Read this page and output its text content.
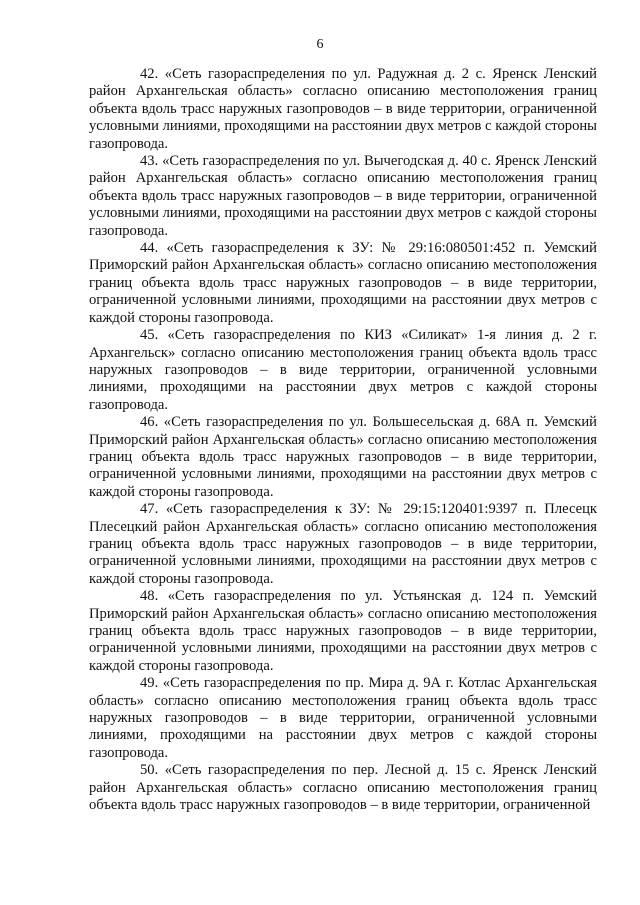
6

42. «Сеть газораспределения по ул. Радужная д. 2 с. Яренск Ленский район Архангельская область» согласно описанию местоположения границ объекта вдоль трасс наружных газопроводов – в виде территории, ограниченной условными линиями, проходящими на расстоянии двух метров с каждой стороны газопровода.

43. «Сеть газораспределения по ул. Вычегодская д. 40 с. Яренск Ленский район Архангельская область» согласно описанию местоположения границ объекта вдоль трасс наружных газопроводов – в виде территории, ограниченной условными линиями, проходящими на расстоянии двух метров с каждой стороны газопровода.

44. «Сеть газораспределения к ЗУ: № 29:16:080501:452 п. Уемский Приморский район Архангельская область» согласно описанию местоположения границ объекта вдоль трасс наружных газопроводов – в виде территории, ограниченной условными линиями, проходящими на расстоянии двух метров с каждой стороны газопровода.

45. «Сеть газораспределения по КИЗ «Силикат» 1-я линия д. 2 г. Архангельск» согласно описанию местоположения границ объекта вдоль трасс наружных газопроводов – в виде территории, ограниченной условными линиями, проходящими на расстоянии двух метров с каждой стороны газопровода.

46. «Сеть газораспределения по ул. Большесельская д. 68А п. Уемский Приморский район Архангельская область» согласно описанию местоположения границ объекта вдоль трасс наружных газопроводов – в виде территории, ограниченной условными линиями, проходящими на расстоянии двух метров с каждой стороны газопровода.

47. «Сеть газораспределения к ЗУ: № 29:15:120401:9397 п. Плесецк Плесецкий район Архангельская область» согласно описанию местоположения границ объекта вдоль трасс наружных газопроводов – в виде территории, ограниченной условными линиями, проходящими на расстоянии двух метров с каждой стороны газопровода.

48. «Сеть газораспределения по ул. Устьянская д. 124 п. Уемский Приморский район Архангельская область» согласно описанию местоположения границ объекта вдоль трасс наружных газопроводов – в виде территории, ограниченной условными линиями, проходящими на расстоянии двух метров с каждой стороны газопровода.

49. «Сеть газораспределения по пр. Мира д. 9А г. Котлас Архангельская область» согласно описанию местоположения границ объекта вдоль трасс наружных газопроводов – в виде территории, ограниченной условными линиями, проходящими на расстоянии двух метров с каждой стороны газопровода.

50. «Сеть газораспределения по пер. Лесной д. 15 с. Яренск Ленский район Архангельская область» согласно описанию местоположения границ объекта вдоль трасс наружных газопроводов – в виде территории, ограниченной
